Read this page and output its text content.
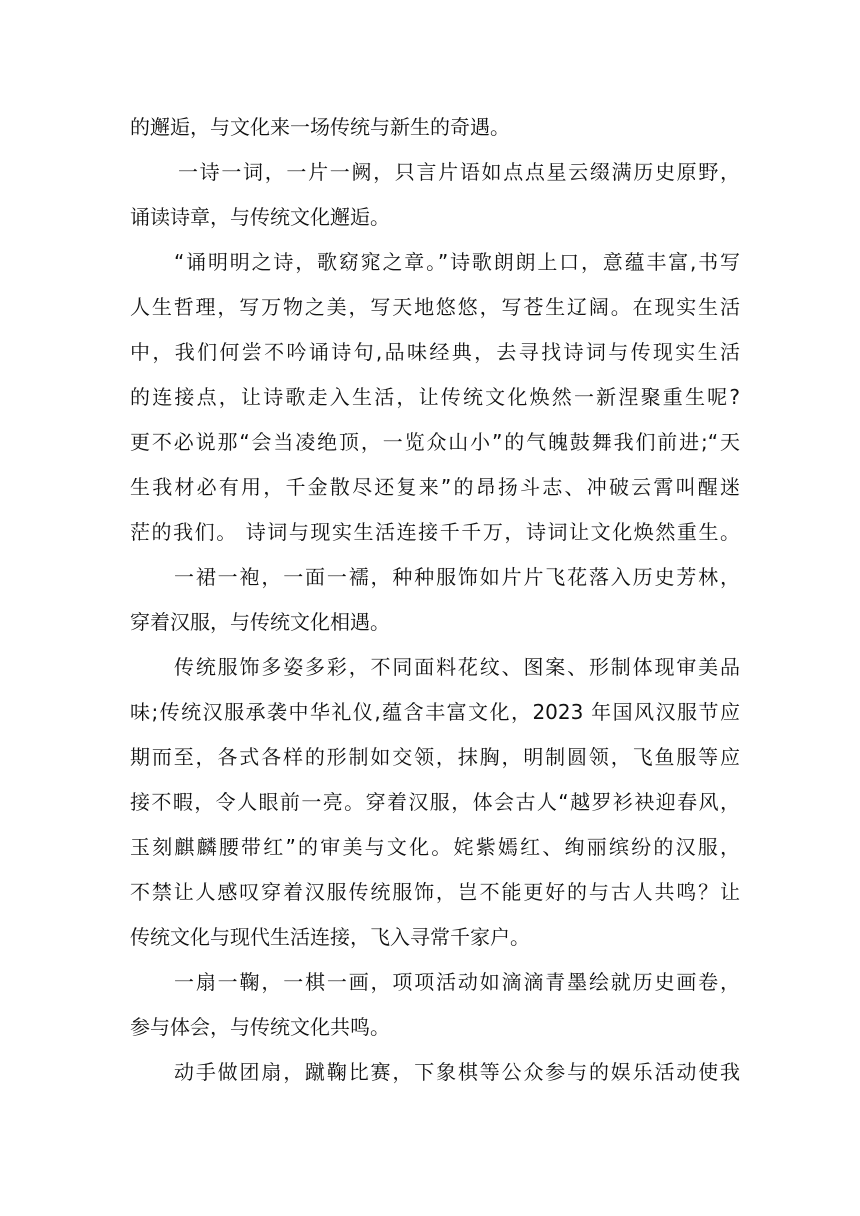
的邂逅，与文化来一场传统与新生的奇遇。
一诗一词，一片一阙，只言片语如点点星云缀满历史原野，
诵读诗章，与传统文化邂逅。
“诵明明之诗，歌窈窕之章。”诗歌朗朗上口，意蕴丰富,书写
人生哲理，写万物之美，写天地悠悠，写苍生辽阔。在现实生活
中，我们何尝不吟诵诗句,品味经典，去寻找诗词与传现实生活
的连接点，让诗歌走入生活，让传统文化焕然一新涅聚重生呢?
更不必说那“会当凌绝顶，一览众山小”的气魄鼓舞我们前进;“天
生我材必有用，千金散尽还复来”的昂扬斗志、冲破云霄叫醒迷
茫的我们。 诗词与现实生活连接千千万，诗词让文化焕然重生。
一裙一袍，一面一襦，种种服饰如片片飞花落入历史芳林，
穿着汉服，与传统文化相遇。
传统服饰多姿多彩，不同面料花纹、图案、形制体现审美品
味;传统汉服承袭中华礼仪,蕴含丰富文化，2023 年国风汉服节应
期而至，各式各样的形制如交领，抹胸，明制圆领，飞鱼服等应
接不暇，令人眼前一亮。穿着汉服，体会古人“越罗衫袂迎春风，
玉刻麒麟腰带红”的审美与文化。姹紫嫣红、绚丽缤纷的汉服，
不禁让人感叹穿着汉服传统服饰，岂不能更好的与古人共鸣？让
传统文化与现代生活连接，飞入寻常千家户。
一扇一鞠，一棋一画，项项活动如滴滴青墨绘就历史画卷，
参与体会，与传统文化共鸣。
动手做团扇，蹴鞠比赛，下象棋等公众参与的娱乐活动使我
